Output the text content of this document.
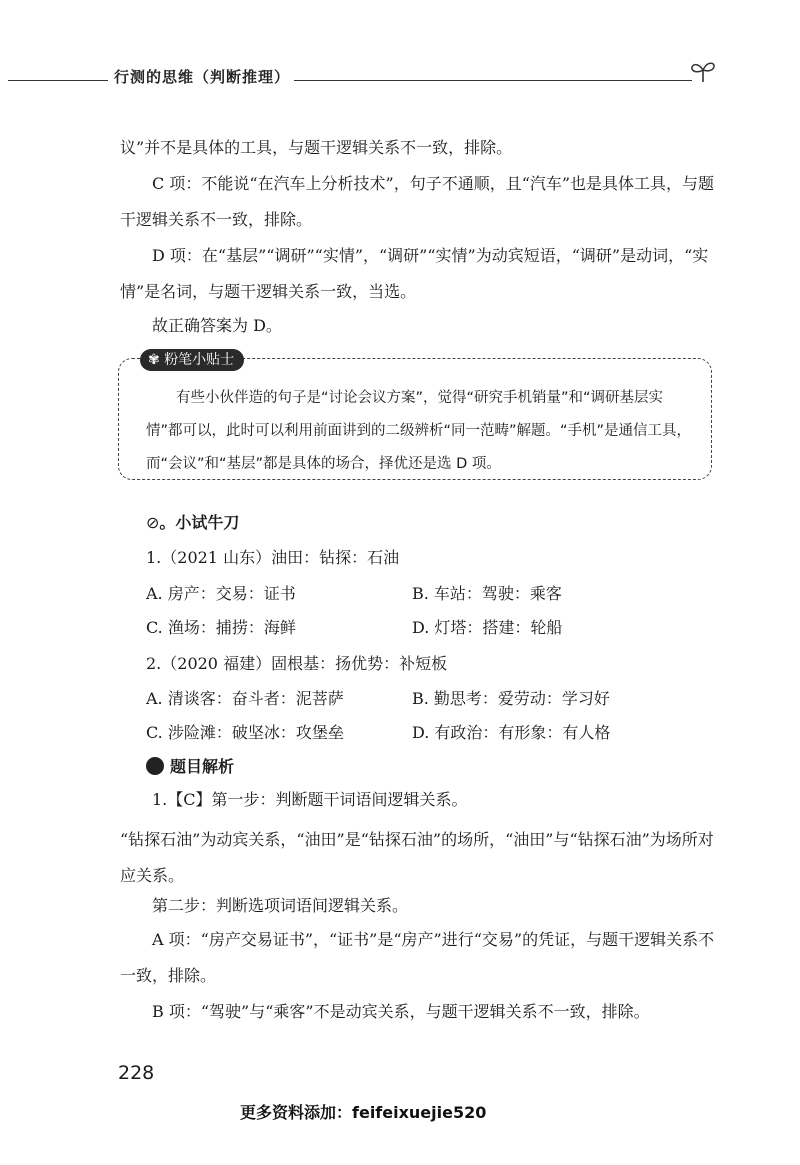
行测的思维（判断推理）
议”并不是具体的工具，与题干逻辑关系不一致，排除。
C 项：不能说“在汽车上分析技术”，句子不通顺，且“汽车”也是具体工具，与题干逻辑关系不一致，排除。
D 项：在“基层”“调研”“实情”，“调研”“实情”为动宾短语，“调研”是动词，“实情”是名词，与题干逻辑关系一致，当选。
故正确答案为 D。
✾ 粉笔小贴士
有些小伙伴造的句子是“讨论会议方案”，觉得“研究手机销量”和“调研基层实情”都可以，此时可以利用前面讲到的二级辨析“同一范畴”解题。“手机”是通信工具，而“会议”和“基层”都是具体的场合，择优还是选 D 项。
⊘。小试牛刀
1.（2021 山东）油田：钻探：石油
A. 房产：交易：证书	B. 车站：驾驶：乘客
C. 渔场：捕捞：海鲜	D. 灯塔：搭建：轮船
2.（2020 福建）固根基：扬优势：补短板
A. 清谈客：奋斗者：泥菩萨	B. 勤思考：爱劳动：学习好
C. 涉险滩：破坚冰：攻堡垒	D. 有政治：有形象：有人格
题目解析
1.【C】第一步：判断题干词语间逻辑关系。
“钻探石油”为动宾关系，“油田”是“钻探石油”的场所，“油田”与“钻探石油”为场所对应关系。
第二步：判断选项词语间逻辑关系。
A 项：“房产交易证书”，“证书”是“房产”进行“交易”的凭证，与题干逻辑关系不一致，排除。
B 项：“驾驶”与“乘客”不是动宾关系，与题干逻辑关系不一致，排除。
228
更多资料添加：feifeixuejie520
